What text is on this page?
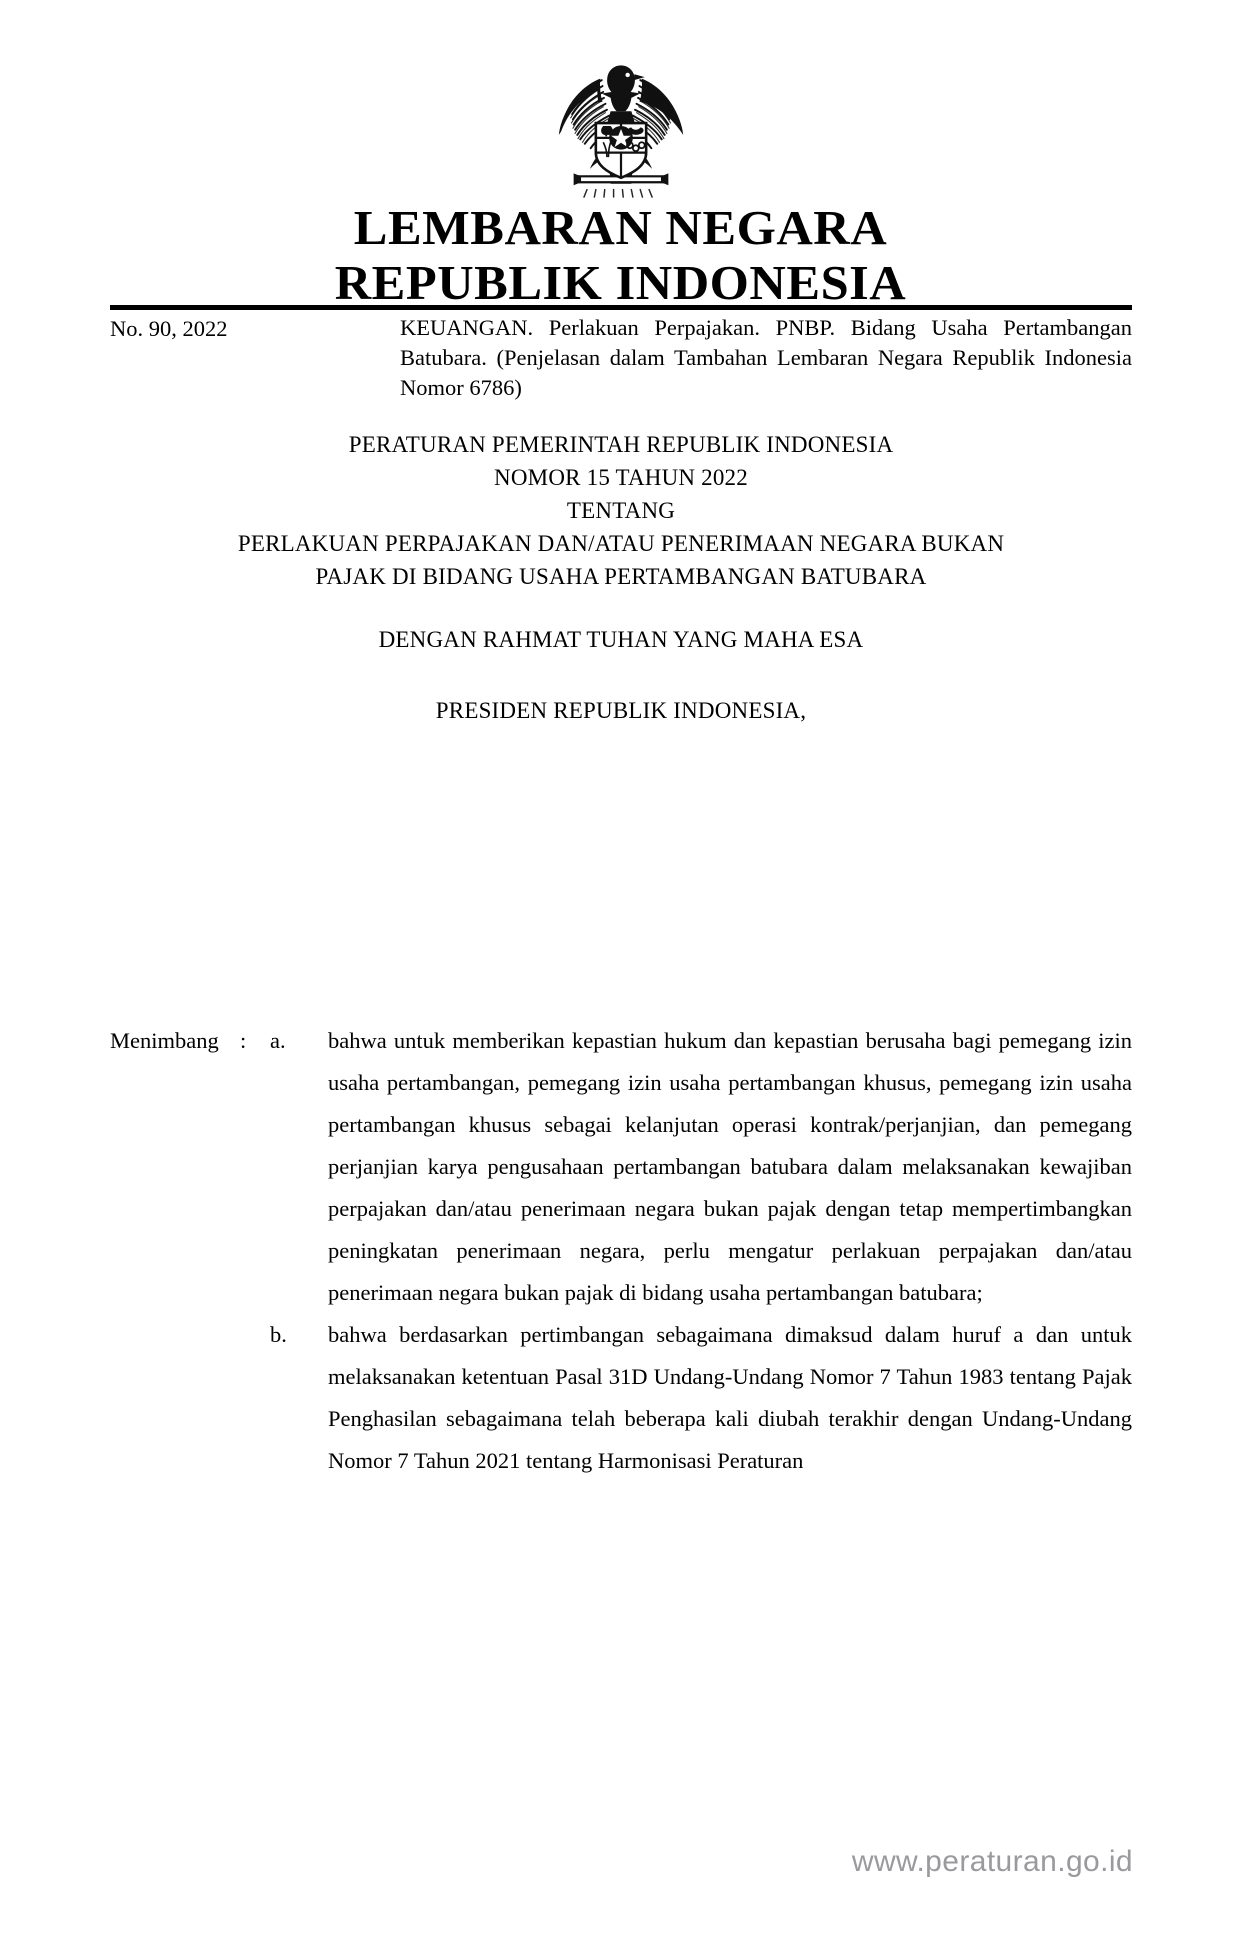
LEMBARAN NEGARA
REPUBLIK INDONESIA
No. 90, 2022	KEUANGAN. Perlakuan Perpajakan. PNBP. Bidang Usaha Pertambangan Batubara. (Penjelasan dalam Tambahan Lembaran Negara Republik Indonesia Nomor 6786)

PERATURAN PEMERINTAH REPUBLIK INDONESIA

NOMOR 15 TAHUN 2022

TENTANG

PERLAKUAN PERPAJAKAN DAN/ATAU PENERIMAAN NEGARA BUKAN

PAJAK DI BIDANG USAHA PERTAMBANGAN BATUBARA

DENGAN RAHMAT TUHAN YANG MAHA ESA

PRESIDEN REPUBLIK INDONESIA,

Menimbang :	a.	bahwa untuk memberikan kepastian hukum dan kepastian berusaha bagi pemegang izin usaha pertambangan, pemegang izin usaha pertambangan khusus, pemegang izin usaha pertambangan khusus sebagai kelanjutan operasi kontrak/perjanjian, dan pemegang perjanjian karya pengusahaan pertambangan batubara dalam melaksanakan kewajiban perpajakan dan/atau penerimaan negara bukan pajak dengan tetap mempertimbangkan peningkatan penerimaan negara, perlu mengatur perlakuan perpajakan dan/atau penerimaan negara bukan pajak di bidang usaha pertambangan batubara;

b.	bahwa berdasarkan pertimbangan sebagaimana dimaksud dalam huruf a dan untuk melaksanakan ketentuan Pasal 31D Undang-Undang Nomor 7 Tahun 1983 tentang Pajak Penghasilan sebagaimana telah beberapa kali diubah terakhir dengan Undang-Undang Nomor 7 Tahun 2021 tentang Harmonisasi Peraturan

www.peraturan.go.id
